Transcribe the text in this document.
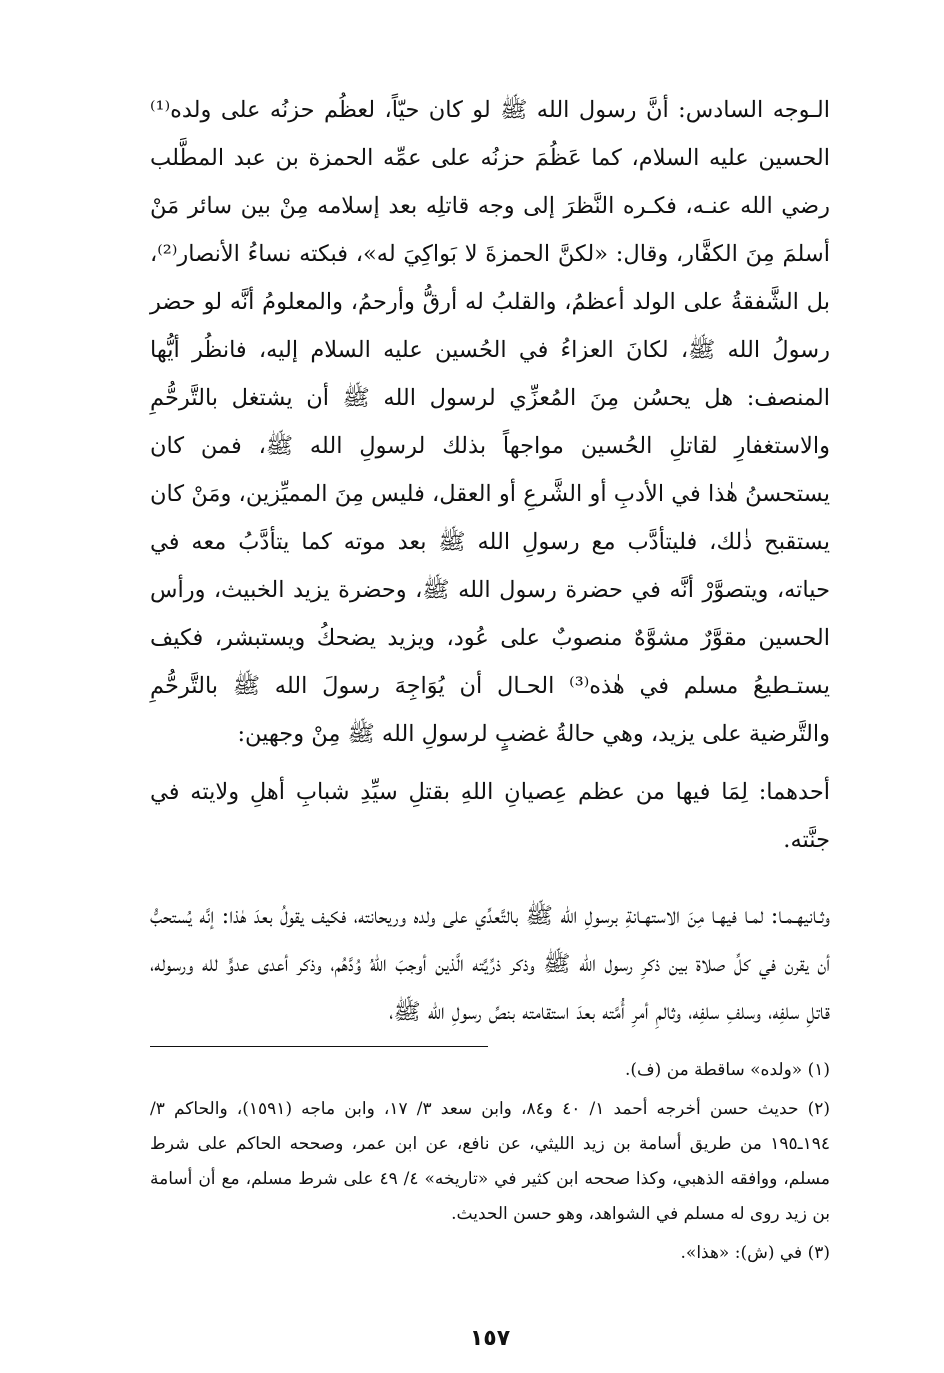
الـوجه السادس: أنَّ رسول الله ﷺ لو كان حيّاً، لعظُم حزنُه على ولده⁽¹⁾ الحسين عليه السلام، كما عَظُمَ حزنُه على عمِّه الحمزة بن عبد المطَّلب رضي الله عنـه، فكـره النَّظرَ إلى وجه قاتلِه بعد إسلامه مِنْ بين سائر مَنْ أسلمَ مِنَ الكفَّار، وقال: «لكنَّ الحمزةَ لا بَواكِيَ له»، فبكته نساءُ الأنصار⁽²⁾، بل الشَّفقةُ على الولد أعظمُ، والقلبُ له أرقُّ وأرحمُ، والمعلومُ أنَّه لو حضر رسولُ الله ﷺ، لكانَ العزاءُ في الحُسين عليه السلام إليه، فانظُر أيُّها المنصف: هل يحسُن مِنَ المُعزِّي لرسول الله ﷺ أن يشتغل بالتَّرحُّمِ والاستغفارِ لقاتلِ الحُسين مواجهاً بذلك لرسولِ الله ﷺ، فمن كان يستحسنُ هٰذا في الأدبِ أو الشَّرعِ أو العقل، فليس مِنَ المميِّزين، ومَنْ كان يستقبح ذٰلك، فليتأدَّب مع رسولِ الله ﷺ بعد موته كما يتأدَّبُ معه في حياته، ويتصوَّرْ أنَّه في حضرة رسول الله ﷺ، وحضرة يزيد الخبيث، ورأس الحسين مقوَّرٌ مشوَّهٌ منصوبٌ على عُود، ويزيد يضحكُ ويستبشر، فكيف يستـطيعُ مسلم في هٰذه⁽³⁾ الحـال أن يُوَاجِهَ رسولَ الله ﷺ بالتَّرحُّمِ والتَّرضية على يزيد، وهي حالةُ غضبٍ لرسولِ الله ﷺ مِنْ وجهين:

أحدهما: لِمَا فيها من عظم عِصيانِ اللهِ بقتلِ سيِّدِ شبابِ أهلِ ولايته في جنَّته.

وثـانيهـمـا: لمـا فيهـا مِنَ الاستهـانةِ برسولِ الله ﷺ بالتَّعدِّي على ولده وريحانته، فكيف يقولُ بعدَ هٰذا: إنَّه يُستحبُّ أن يقرن في كلِّ صلاة بين ذكرِ رسول الله ﷺ وذكر ذرِّيَّته الَّذين أوجبَ اللهُ وُدَّهُم، وذكر أعدى عدوٍّ لله ورسوله، قاتلِ سلفِه، وسلفِ سلفِه، وثالمِ أمرِ أُمَّته بعدَ استقامته بنصِّ رسولِ الله ﷺ،

(١) «ولده» ساقطة من (ف).

(٢) حديث حسن أخرجه أحمد ١/ ٤٠ و٨٤، وابن سعد ٣/ ١٧، وابن ماجه (١٥٩١)، والحاكم ٣/ ١٩٤ـ١٩٥ من طريق أسامة بن زيد الليثي، عن نافع، عن ابن عمر، وصححه الحاكم على شرط مسلم، ووافقه الذهبي، وكذا صححه ابن كثير في «تاريخه» ٤/ ٤٩ على شرط مسلم، مع أن أسامة بن زيد روى له مسلم في الشواهد، وهو حسن الحديث.

(٣) في (ش): «هذا».

١٥٧
